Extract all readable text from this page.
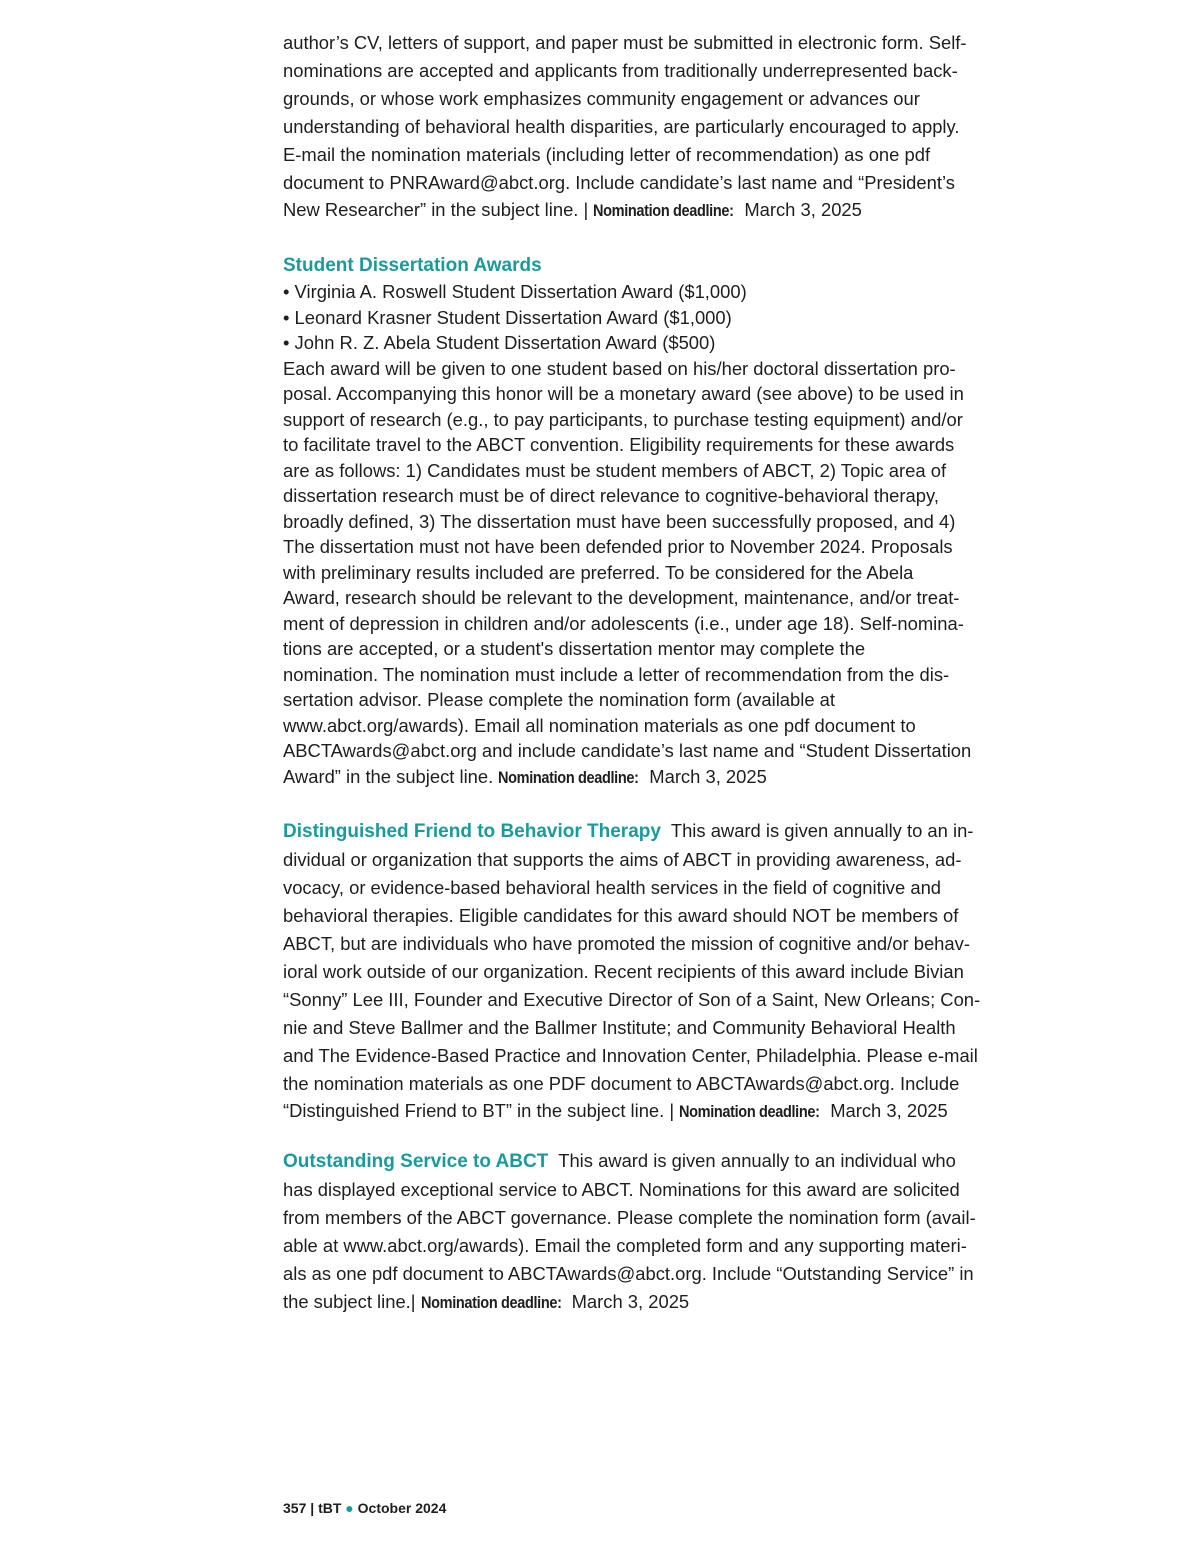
author’s CV, letters of support, and paper must be submitted in electronic form. Self-
nominations are accepted and applicants from traditionally underrepresented back-
grounds, or whose work emphasizes community engagement or advances our
understanding of behavioral health disparities, are particularly encouraged to apply.
E-mail the nomination materials (including letter of recommendation) as one pdf
document to PNRAward@abct.org. Include candidate’s last name and “President’s
New Researcher” in the subject line. | Nomination deadline: March 3, 2025

Student Dissertation Awards
• Virginia A. Roswell Student Dissertation Award ($1,000)
• Leonard Krasner Student Dissertation Award ($1,000)
• John R. Z. Abela Student Dissertation Award ($500)

Each award will be given to one student based on his/her doctoral dissertation pro-
posal. Accompanying this honor will be a monetary award (see above) to be used in
support of research (e.g., to pay participants, to purchase testing equipment) and/or
to facilitate travel to the ABCT convention. Eligibility requirements for these awards
are as follows: 1) Candidates must be student members of ABCT, 2) Topic area of
dissertation research must be of direct relevance to cognitive-behavioral therapy,
broadly defined, 3) The dissertation must have been successfully proposed, and 4)
The dissertation must not have been defended prior to November 2024. Proposals
with preliminary results included are preferred. To be considered for the Abela
Award, research should be relevant to the development, maintenance, and/or treat-
ment of depression in children and/or adolescents (i.e., under age 18). Self-nomina-
tions are accepted, or a student's dissertation mentor may complete the
nomination. The nomination must include a letter of recommendation from the dis-
sertation advisor. Please complete the nomination form (available at
www.abct.org/awards). Email all nomination materials as one pdf document to
ABCTAwards@abct.org and include candidate’s last name and “Student Dissertation
Award” in the subject line. Nomination deadline: March 3, 2025

Distinguished Friend to Behavior Therapy This award is given annually to an in-
dividual or organization that supports the aims of ABCT in providing awareness, ad-
vocacy, or evidence-based behavioral health services in the field of cognitive and
behavioral therapies. Eligible candidates for this award should NOT be members of
ABCT, but are individuals who have promoted the mission of cognitive and/or behav-
ioral work outside of our organization. Recent recipients of this award include Bivian
“Sonny” Lee III, Founder and Executive Director of Son of a Saint, New Orleans; Con-
nie and Steve Ballmer and the Ballmer Institute; and Community Behavioral Health
and The Evidence-Based Practice and Innovation Center, Philadelphia. Please e-mail
the nomination materials as one PDF document to ABCTAwards@abct.org. Include
“Distinguished Friend to BT” in the subject line. | Nomination deadline: March 3, 2025

Outstanding Service to ABCT This award is given annually to an individual who
has displayed exceptional service to ABCT. Nominations for this award are solicited
from members of the ABCT governance. Please complete the nomination form (avail-
able at www.abct.org/awards). Email the completed form and any supporting materi-
als as one pdf document to ABCTAwards@abct.org. Include “Outstanding Service” in
the subject line.| Nomination deadline: March 3, 2025

357 | tBT ● October 2024
